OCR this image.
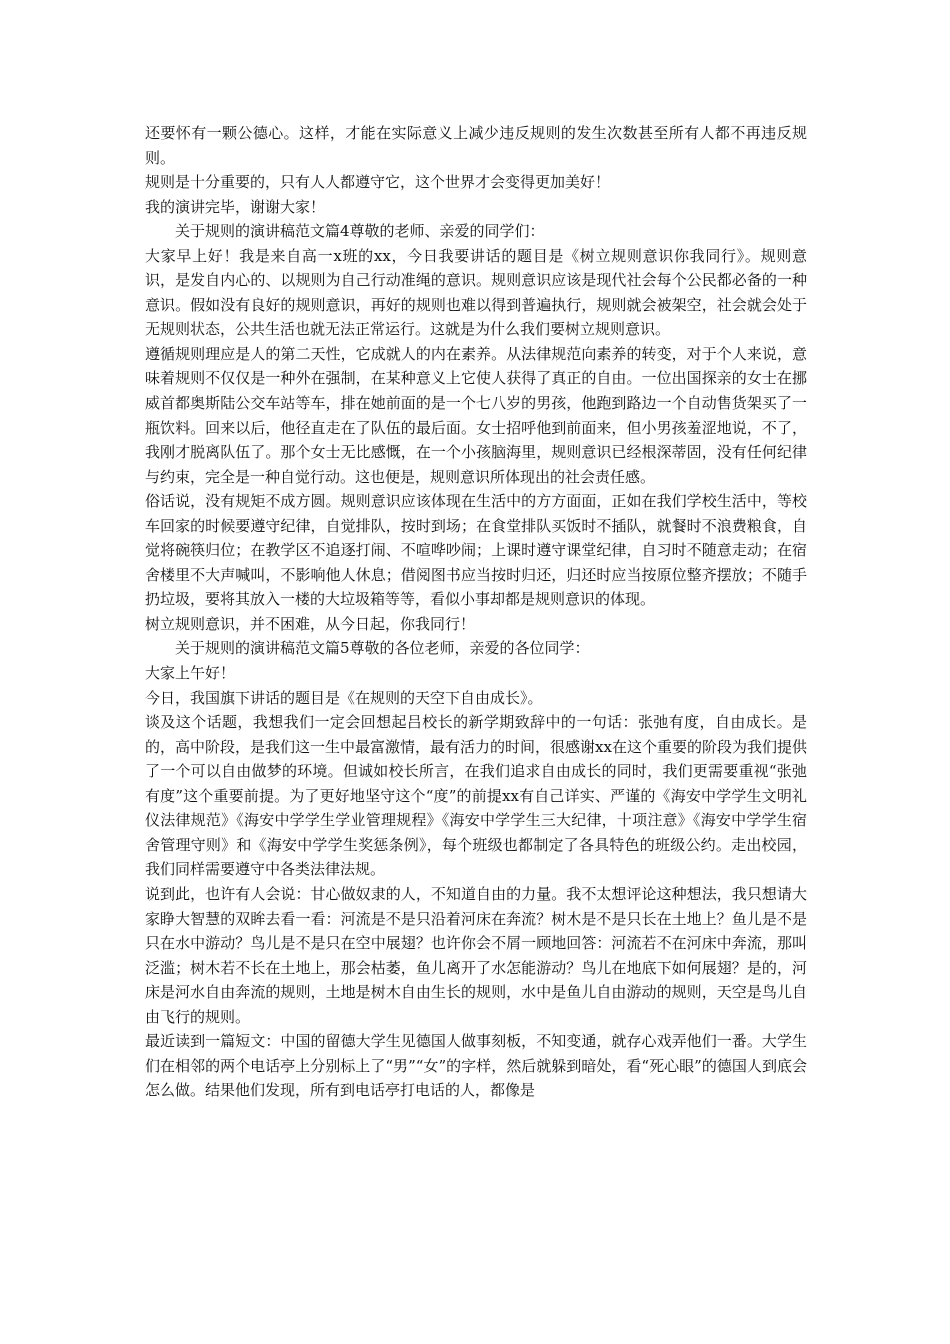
还要怀有一颗公德心。这样，才能在实际意义上减少违反规则的发生次数甚至所有人都不再违反规则。

规则是十分重要的，只有人人都遵守它，这个世界才会变得更加美好！

我的演讲完毕，谢谢大家！

关于规则的演讲稿范文篇4尊敬的老师、亲爱的同学们：

大家早上好！我是来自高一x班的xx，今日我要讲话的题目是《树立规则意识你我同行》。规则意识，是发自内心的、以规则为自己行动准绳的意识。规则意识应该是现代社会每个公民都必备的一种意识。假如没有良好的规则意识，再好的规则也难以得到普遍执行，规则就会被架空，社会就会处于无规则状态，公共生活也就无法正常运行。这就是为什么我们要树立规则意识。

遵循规则理应是人的第二天性，它成就人的内在素养。从法律规范向素养的转变，对于个人来说，意味着规则不仅仅是一种外在强制，在某种意义上它使人获得了真正的自由。一位出国探亲的女士在挪威首都奥斯陆公交车站等车，排在她前面的是一个七八岁的男孩，他跑到路边一个自动售货架买了一瓶饮料。回来以后，他径直走在了队伍的最后面。女士招呼他到前面来，但小男孩羞涩地说，不了，我刚才脱离队伍了。那个女士无比感慨，在一个小孩脑海里，规则意识已经根深蒂固，没有任何纪律与约束，完全是一种自觉行动。这也便是，规则意识所体现出的社会责任感。

俗话说，没有规矩不成方圆。规则意识应该体现在生活中的方方面面，正如在我们学校生活中，等校车回家的时候要遵守纪律，自觉排队，按时到场；在食堂排队买饭时不插队，就餐时不浪费粮食，自觉将碗筷归位；在教学区不追逐打闹、不喧哗吵闹；上课时遵守课堂纪律，自习时不随意走动；在宿舍楼里不大声喊叫，不影响他人休息；借阅图书应当按时归还，归还时应当按原位整齐摆放；不随手扔垃圾，要将其放入一楼的大垃圾箱等等，看似小事却都是规则意识的体现。

树立规则意识，并不困难，从今日起，你我同行！

关于规则的演讲稿范文篇5尊敬的各位老师，亲爱的各位同学：

大家上午好！

今日，我国旗下讲话的题目是《在规则的天空下自由成长》。

谈及这个话题，我想我们一定会回想起吕校长的新学期致辞中的一句话：张弛有度，自由成长。是的，高中阶段，是我们这一生中最富激情，最有活力的时间，很感谢xx在这个重要的阶段为我们提供了一个可以自由做梦的环境。但诚如校长所言，在我们追求自由成长的同时，我们更需要重视“张弛有度”这个重要前提。为了更好地坚守这个“度”的前提xx有自己详实、严谨的《海安中学学生文明礼仪法律规范》《海安中学学生学业管理规程》《海安中学学生三大纪律，十项注意》《海安中学学生宿舍管理守则》和《海安中学学生奖惩条例》，每个班级也都制定了各具特色的班级公约。走出校园，我们同样需要遵守中各类法律法规。

说到此，也许有人会说：甘心做奴隶的人，不知道自由的力量。我不太想评论这种想法，我只想请大家睁大智慧的双眸去看一看：河流是不是只沿着河床在奔流？树木是不是只长在土地上？鱼儿是不是只在水中游动？鸟儿是不是只在空中展翅？也许你会不屑一顾地回答：河流若不在河床中奔流，那叫泛滥；树木若不长在土地上，那会枯萎，鱼儿离开了水怎能游动？鸟儿在地底下如何展翅？是的，河床是河水自由奔流的规则，土地是树木自由生长的规则，水中是鱼儿自由游动的规则，天空是鸟儿自由飞行的规则。

最近读到一篇短文：中国的留德大学生见德国人做事刻板，不知变通，就存心戏弄他们一番。大学生们在相邻的两个电话亭上分别标上了“男”“女”的字样，然后就躲到暗处，看“死心眼”的德国人到底会怎么做。结果他们发现，所有到电话亭打电话的人，都像是
